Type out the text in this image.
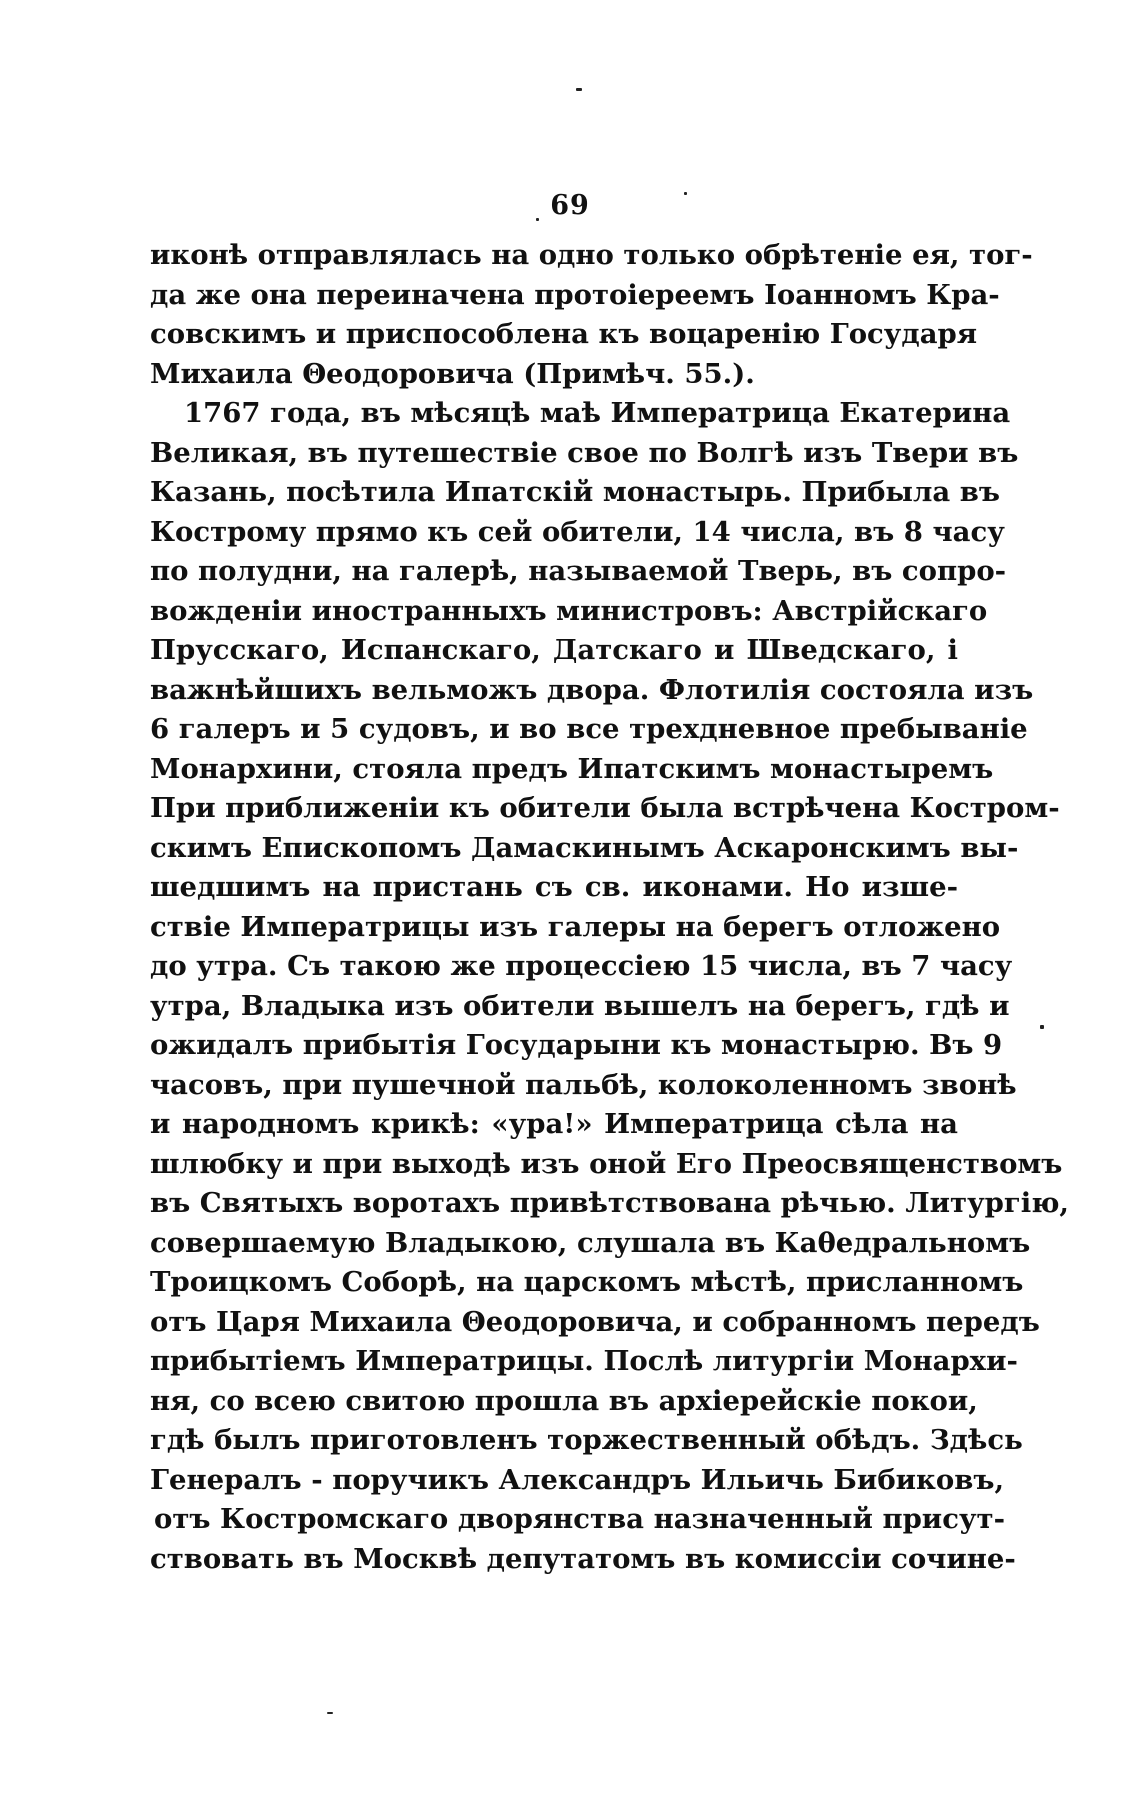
69
иконѣ отправлялась на одно только обрѣтеніе ея, тог-
да же она переиначена протоіереемъ Іоанномъ Кра-
совскимъ и приспособлена къ воцаренію Государя
Михаила Θеодоровича (Примѣч. 55.).
1767 года, въ мѣсяцѣ маѣ Императрица Екатерина
Великая, въ путешествіе свое по Волгѣ изъ Твери въ
Казань, посѣтила Ипатскій монастырь. Прибыла въ
Кострому прямо къ сей обители, 14 числа, въ 8 часу
по полудни, на галерѣ, называемой Тверь, въ сопро-
вожденіи иностранныхъ министровъ: Австрійскаго
Прусскаго, Испанскаго, Датскаго и Шведскаго, і
важнѣйшихъ вельможъ двора. Флотилія состояла изъ
6 галеръ и 5 судовъ, и во все трехдневное пребываніе
Монархини, стояла предъ Ипатскимъ монастыремъ
При приближеніи къ обители была встрѣчена Костром-
скимъ Епископомъ Дамаскинымъ Аскаронскимъ вы-
шедшимъ на пристань съ св. иконами. Но изше-
ствіе Императрицы изъ галеры на берегъ отложено
до утра. Съ такою же процессіею 15 числа, въ 7 часу
утра, Владыка изъ обители вышелъ на берегъ, гдѣ и
ожидалъ прибытія Государыни къ монастырю. Въ 9
часовъ, при пушечной пальбѣ, колоколенномъ звонѣ
и народномъ крикѣ: «ура!» Императрица сѣла на
шлюбку и при выходѣ изъ оной Его Преосвященствомъ
въ Святыхъ воротахъ привѣтствована рѣчью. Литургію,
совершаемую Владыкою, слушала въ Каθедральномъ
Троицкомъ Соборѣ, на царскомъ мѣстѣ, присланномъ
отъ Царя Михаила Θеодоровича, и собранномъ передъ
прибытіемъ Императрицы. Послѣ литургіи Монархи-
ня, со всею свитою прошла въ архіерейскіе покои,
гдѣ былъ приготовленъ торжественный обѣдъ. Здѣсь
Генералъ - поручикъ Александръ Ильичь Бибиковъ,
отъ Костромскаго дворянства назначенный присут-
ствовать въ Москвѣ депутатомъ въ комиссіи сочине-
